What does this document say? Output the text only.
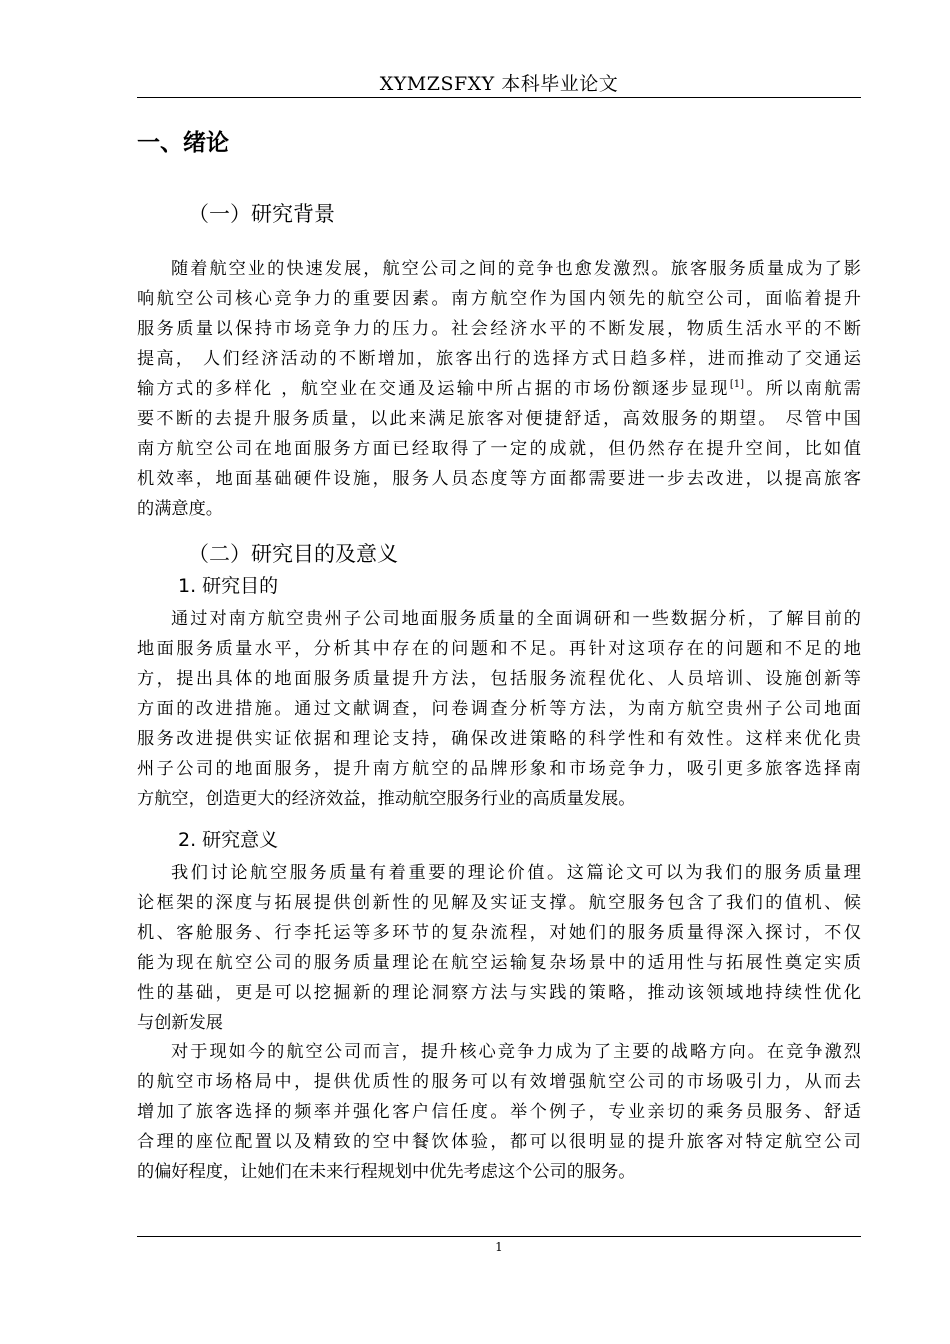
XYMZSFXY 本科毕业论文
一、绪论
（一）研究背景
随着航空业的快速发展，航空公司之间的竞争也愈发激烈。旅客服务质量成为了影
响航空公司核心竞争力的重要因素。南方航空作为国内领先的航空公司，面临着提升
服务质量以保持市场竞争力的压力。社会经济水平的不断发展，物质生活水平的不断
提高， 人们经济活动的不断增加，旅客出行的选择方式日趋多样，进而推动了交通运
输方式的多样化 ，航空业在交通及运输中所占据的市场份额逐步显现[1]。所以南航需
要不断的去提升服务质量，以此来满足旅客对便捷舒适，高效服务的期望。 尽管中国
南方航空公司在地面服务方面已经取得了一定的成就，但仍然存在提升空间，比如值
机效率，地面基础硬件设施，服务人员态度等方面都需要进一步去改进，以提高旅客
的满意度。
（二）研究目的及意义
1. 研究目的
通过对南方航空贵州子公司地面服务质量的全面调研和一些数据分析，了解目前的
地面服务质量水平，分析其中存在的问题和不足。再针对这项存在的问题和不足的地
方，提出具体的地面服务质量提升方法，包括服务流程优化、人员培训、设施创新等
方面的改进措施。通过文献调查，问卷调查分析等方法，为南方航空贵州子公司地面
服务改进提供实证依据和理论支持，确保改进策略的科学性和有效性。这样来优化贵
州子公司的地面服务，提升南方航空的品牌形象和市场竞争力，吸引更多旅客选择南
方航空，创造更大的经济效益，推动航空服务行业的高质量发展。
2. 研究意义
我们讨论航空服务质量有着重要的理论价值。这篇论文可以为我们的服务质量理
论框架的深度与拓展提供创新性的见解及实证支撑。航空服务包含了我们的值机、候
机、客舱服务、行李托运等多环节的复杂流程，对她们的服务质量得深入探讨，不仅
能为现在航空公司的服务质量理论在航空运输复杂场景中的适用性与拓展性奠定实质
性的基础，更是可以挖掘新的理论洞察方法与实践的策略，推动该领域地持续性优化
与创新发展
对于现如今的航空公司而言，提升核心竞争力成为了主要的战略方向。在竞争激烈
的航空市场格局中，提供优质性的服务可以有效增强航空公司的市场吸引力，从而去
增加了旅客选择的频率并强化客户信任度。举个例子，专业亲切的乘务员服务、舒适
合理的座位配置以及精致的空中餐饮体验，都可以很明显的提升旅客对特定航空公司
的偏好程度，让她们在未来行程规划中优先考虑这个公司的服务。
1
